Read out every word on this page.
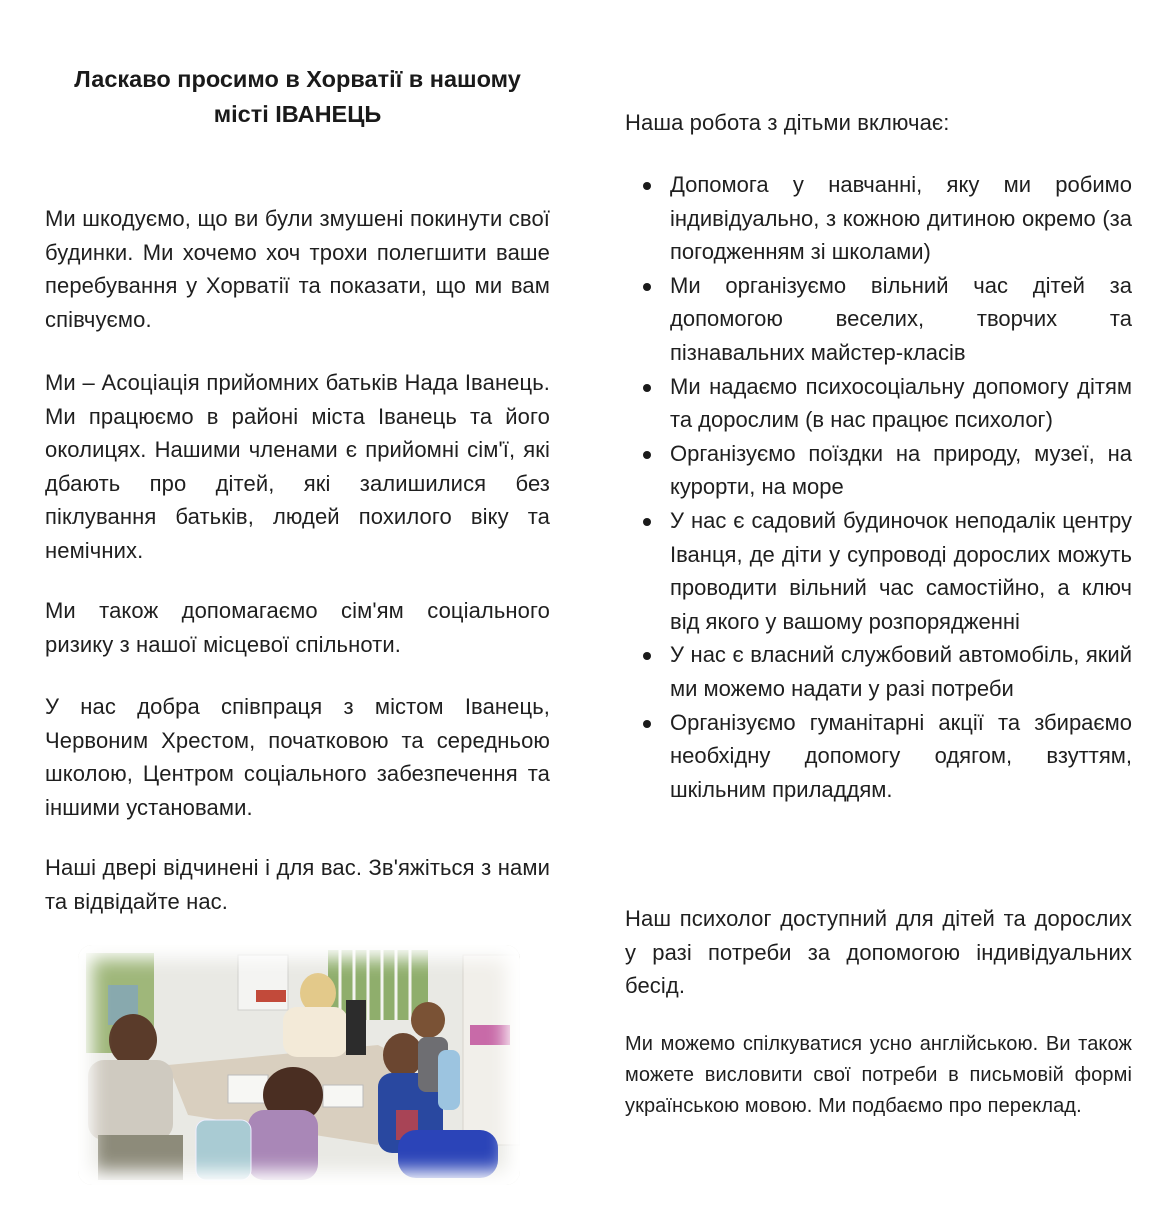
Ласкаво просимо в Хорватії в нашому місті ІВАНЕЦЬ

Ми шкодуємо, що ви були змушені покинути свої будинки. Ми хочемо хоч трохи полегшити ваше перебування у Хорватії та показати, що ми вам співчуємо.

Ми – Асоціація прийомних батьків Нада Іванець. Ми працюємо в районі міста Іванець та його околицях. Нашими членами є прийомні сім'ї, які дбають про дітей, які залишилися без піклування батьків, людей похилого віку та немічних.

Ми також допомагаємо сім'ям соціального ризику з нашої місцевої спільноти.

У нас добра співпраця з містом Іванець, Червоним Хрестом, початковою та середньою школою, Центром соціального забезпечення та іншими установами.

Наші двері відчинені і для вас. Зв'яжіться з нами та відвідайте нас.

Наша робота з дітьми включає:

Допомога у навчанні, яку ми робимо індивідуально, з кожною дитиною окремо (за погодженням зі школами)
Ми організуємо вільний час дітей за допомогою веселих, творчих та пізнавальних майстер-класів
Ми надаємо психосоціальну допомогу дітям та дорослим (в нас працює психолог)
Організуємо поїздки на природу, музеї, на курорти, на море
У нас є садовий будиночок неподалік центру Іванця, де діти у супроводі дорослих можуть проводити вільний час самостійно, а ключ від якого у вашому розпорядженні
У нас є власний службовий автомобіль, який ми можемо надати у разі потреби
Організуємо гуманітарні акції та збираємо необхідну допомогу одягом, взуттям, шкільним приладдям.

Наш психолог доступний для дітей та дорослих у разі потреби за допомогою індивідуальних бесід.

Ми можемо спілкуватися усно англійською. Ви також можете висловити свої потреби в письмовій формі українською мовою. Ми подбаємо про переклад.
